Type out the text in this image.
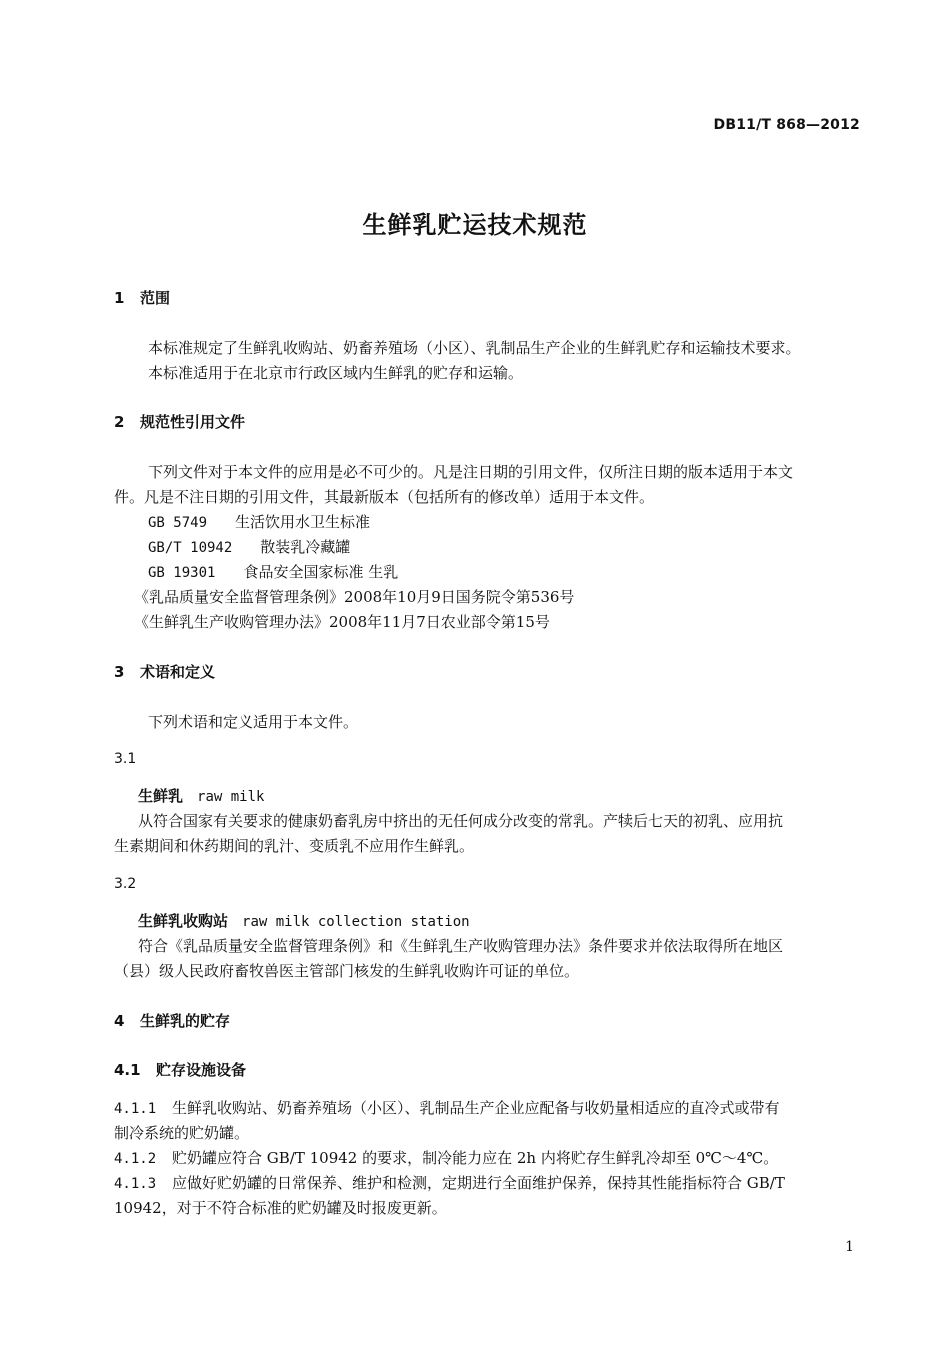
DB11/T 868—2012
生鲜乳贮运技术规范
1 范围
本标准规定了生鲜乳收购站、奶畜养殖场（小区）、乳制品生产企业的生鲜乳贮存和运输技术要求。
本标准适用于在北京市行政区域内生鲜乳的贮存和运输。
2 规范性引用文件
下列文件对于本文件的应用是必不可少的。凡是注日期的引用文件，仅所注日期的版本适用于本文
件。凡是不注日期的引用文件，其最新版本（包括所有的修改单）适用于本文件。
GB 5749 生活饮用水卫生标准
GB/T 10942 散装乳冷藏罐
GB 19301 食品安全国家标准 生乳
《乳品质量安全监督管理条例》2008年10月9日国务院令第536号
《生鲜乳生产收购管理办法》2008年11月7日农业部令第15号
3 术语和定义
下列术语和定义适用于本文件。
3.1
生鲜乳 raw milk
从符合国家有关要求的健康奶畜乳房中挤出的无任何成分改变的常乳。产犊后七天的初乳、应用抗
生素期间和休药期间的乳汁、变质乳不应用作生鲜乳。
3.2
生鲜乳收购站 raw milk collection station
符合《乳品质量安全监督管理条例》和《生鲜乳生产收购管理办法》条件要求并依法取得所在地区
（县）级人民政府畜牧兽医主管部门核发的生鲜乳收购许可证的单位。
4 生鲜乳的贮存
4.1 贮存设施设备
4.1.1 生鲜乳收购站、奶畜养殖场（小区）、乳制品生产企业应配备与收奶量相适应的直冷式或带有
制冷系统的贮奶罐。
4.1.2 贮奶罐应符合 GB/T 10942 的要求，制冷能力应在 2h 内将贮存生鲜乳冷却至 0℃～4℃。
4.1.3 应做好贮奶罐的日常保养、维护和检测，定期进行全面维护保养，保持其性能指标符合 GB/T
10942，对于不符合标准的贮奶罐及时报废更新。
1
